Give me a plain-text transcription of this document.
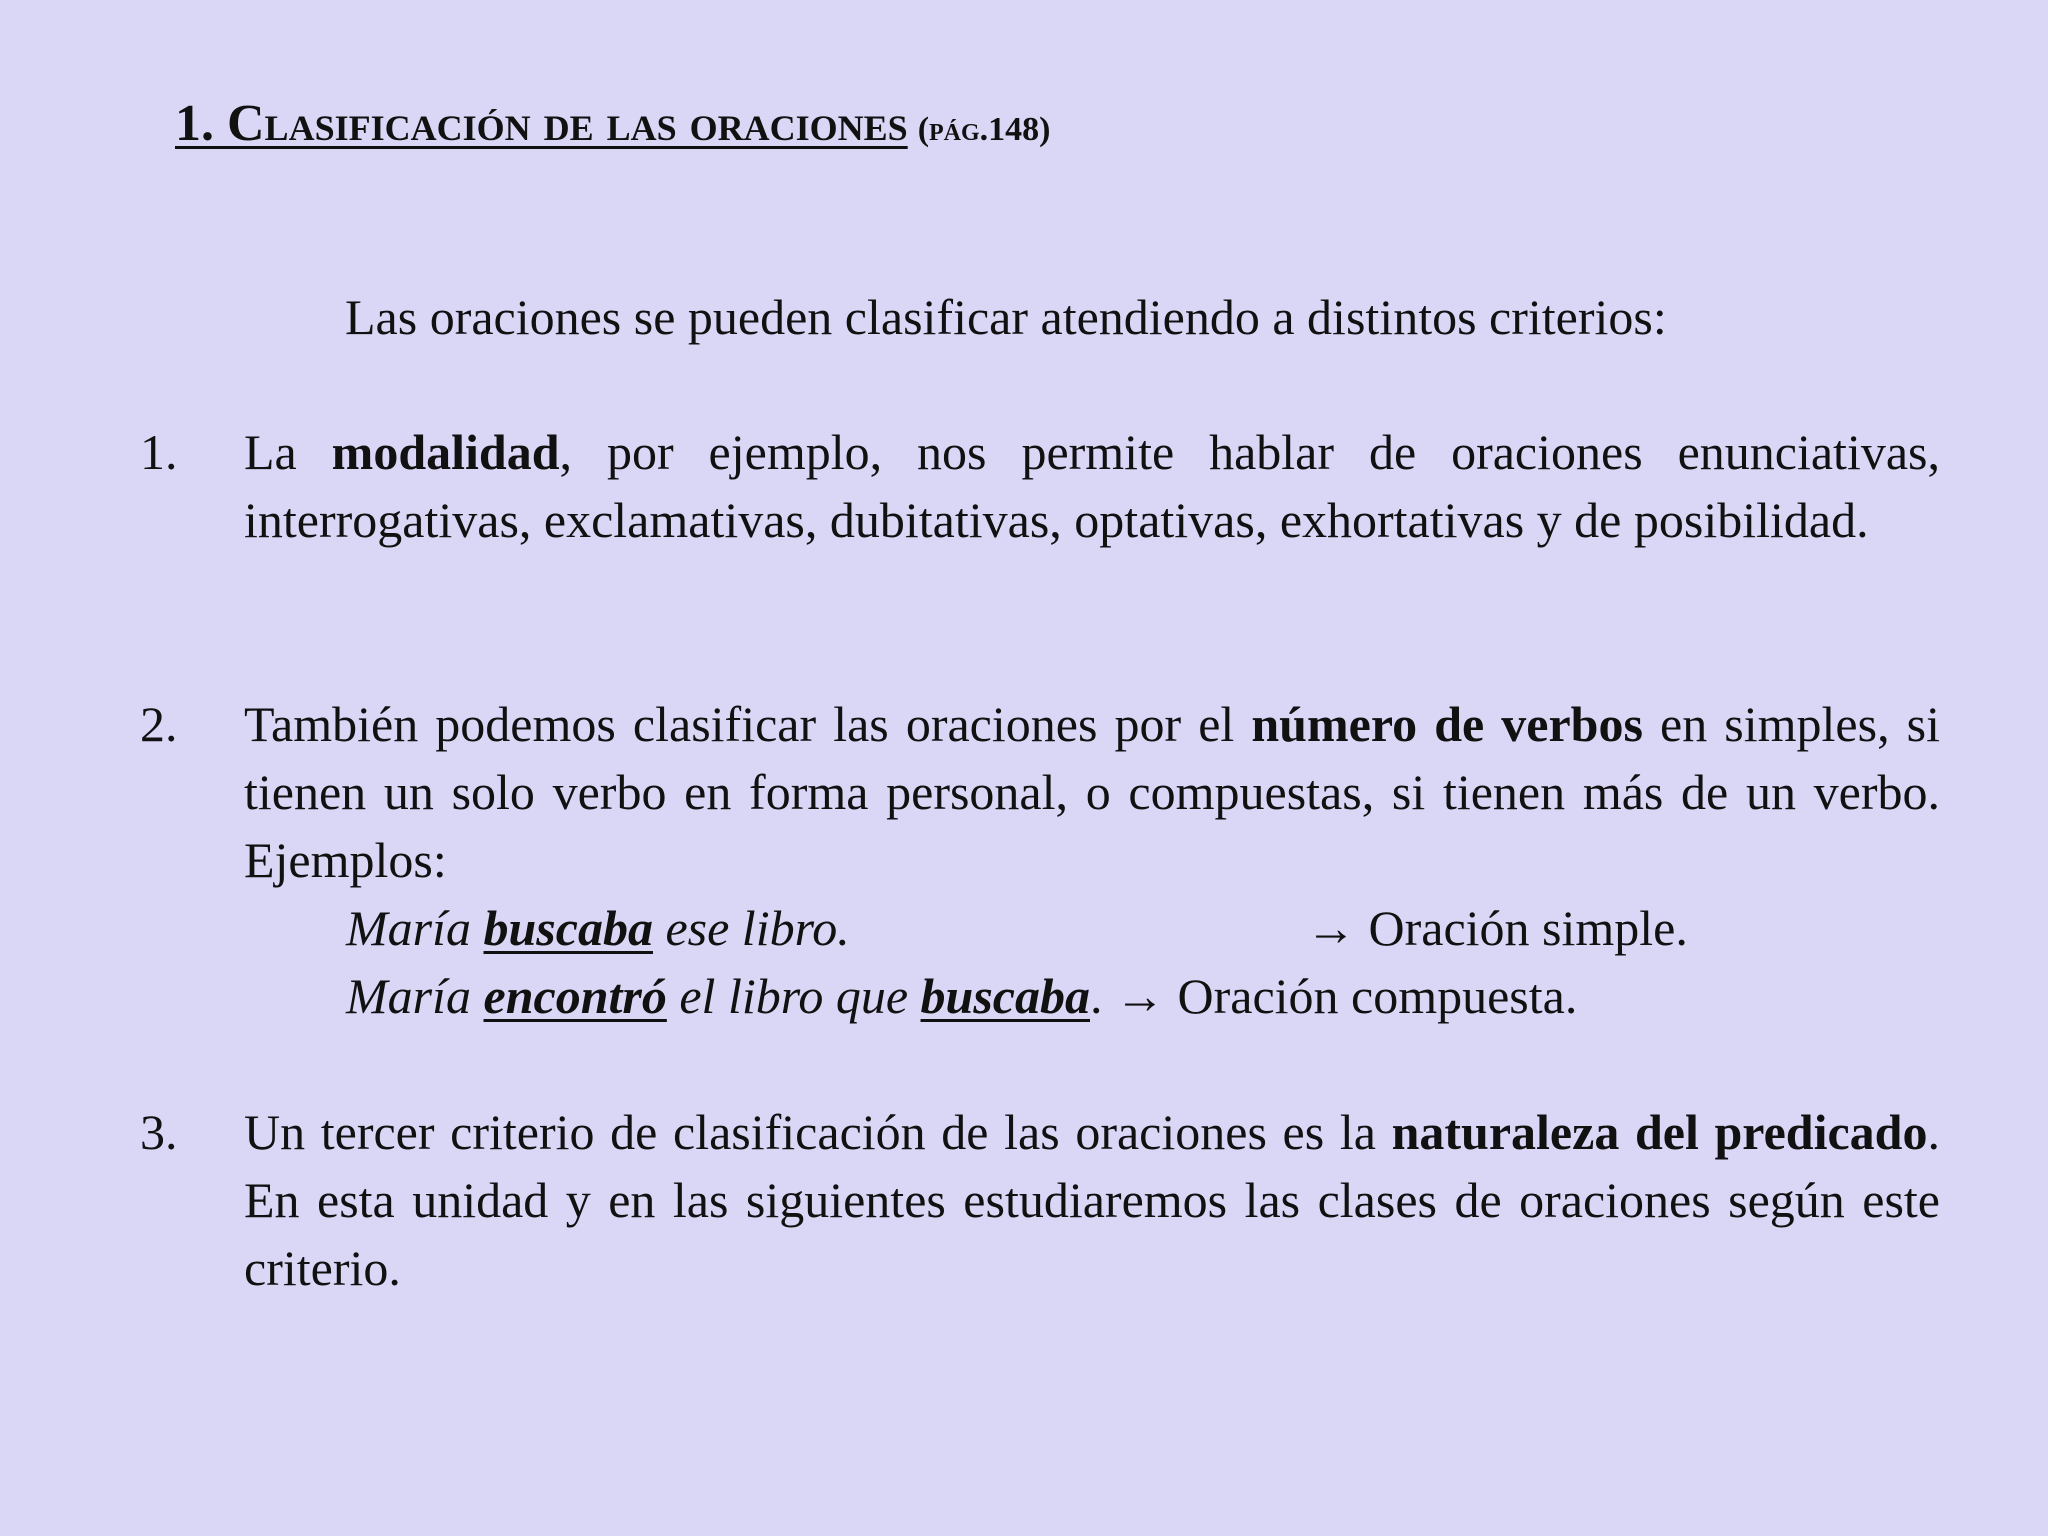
1. Clasificación de las oraciones (pág.148)
Las oraciones se pueden clasificar atendiendo a distintos criterios:
1. La modalidad, por ejemplo, nos permite hablar de oraciones enunciativas, interrogativas, exclamativas, dubitativas, optativas, exhortativas y de posibilidad.
2. También podemos clasificar las oraciones por el número de verbos en simples, si tienen un solo verbo en forma personal, o compuestas, si tienen más de un verbo. Ejemplos:
María buscaba ese libro.	→ Oración simple.
María encontró el libro que buscaba. → Oración compuesta.
3. Un tercer criterio de clasificación de las oraciones es la naturaleza del predicado. En esta unidad y en las siguientes estudiaremos las clases de oraciones según este criterio.
